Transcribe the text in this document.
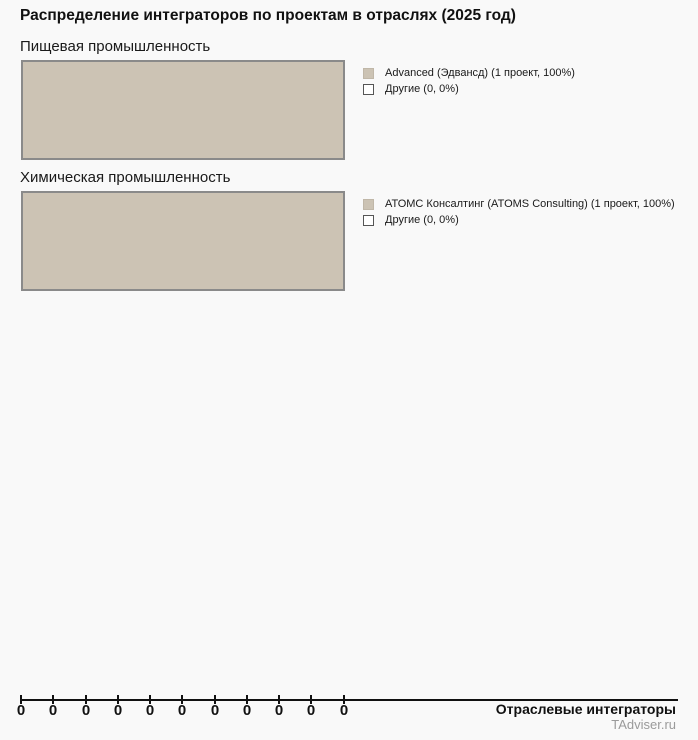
Распределение интеграторов по проектам в отраслях (2025 год)
Пищевая промышленность
Advanced (Эдвансд) (1 проект, 100%)
Другие (0, 0%)
Химическая промышленность
АТОМС Консалтинг (ATOMS Consulting) (1 проект, 100%)
Другие (0, 0%)
0	0	0	0	0	0	0	0	0	0	0	Отраслевые интеграторы
TAdviser.ru
